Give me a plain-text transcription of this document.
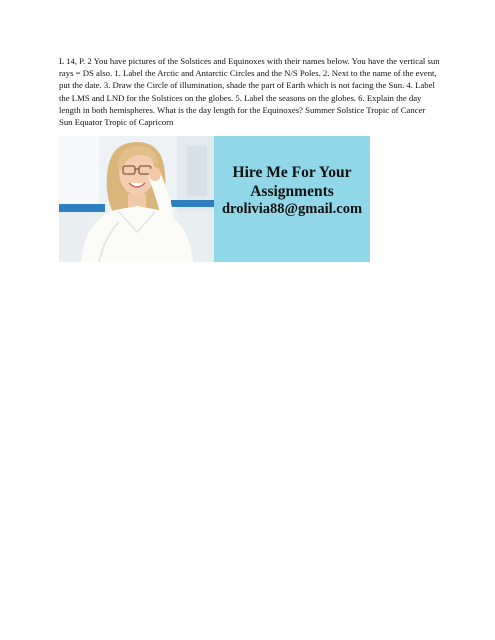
L 14, P. 2 You have pictures of the Solstices and Equinoxes with their names below. You have the vertical sun rays = DS also. 1. Label the Arctic and Antarctic Circles and the N/S Poles. 2. Next to the name of the event, put the date. 3. Draw the Circle of illumination, shade the part of Earth which is not facing the Sun. 4. Label the LMS and LND for the Solstices on the globes. 5. Label the seasons on the globes. 6. Explain the day length in both hemispheres. What is the day length for the Equinoxes? Summer Solstice Tropic of Cancer Sun Equator Tropic of Capricorn

Hire Me For Your
Assignments
drolivia88@gmail.com
